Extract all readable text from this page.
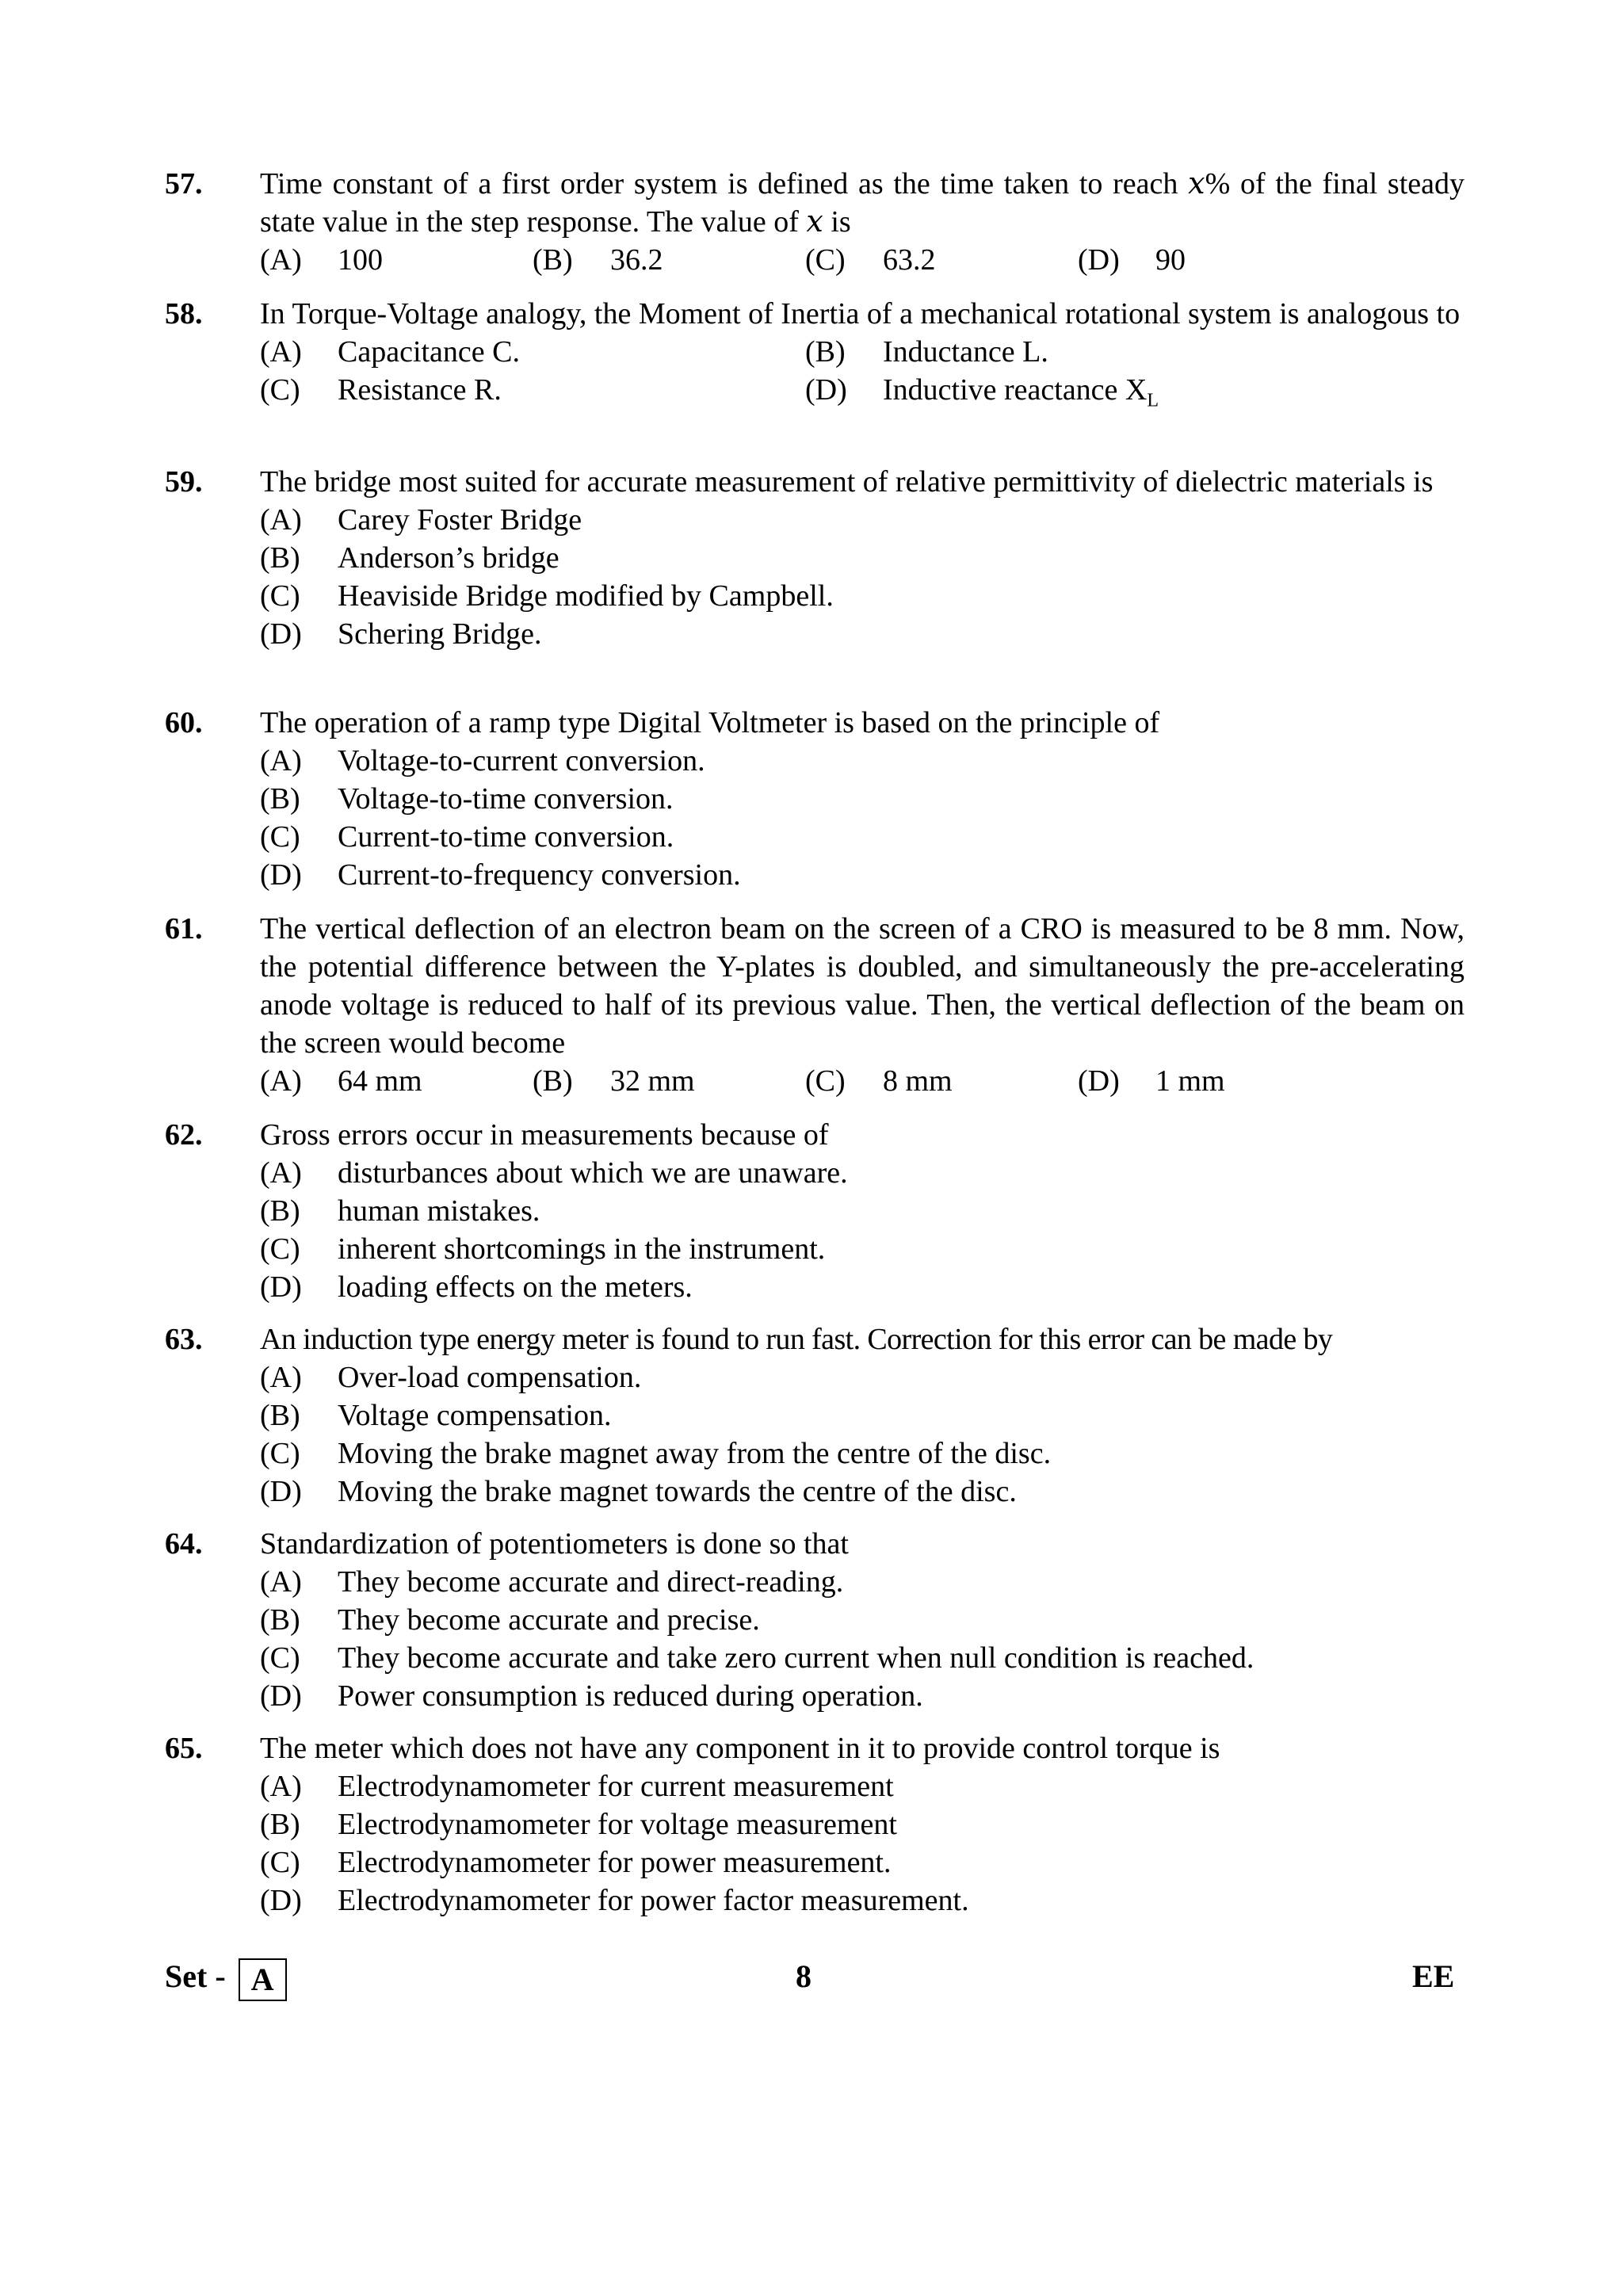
57. Time constant of a first order system is defined as the time taken to reach 𝑥% of the final steady state value in the step response. The value of 𝑥 is
(A) 100	(B) 36.2	(C) 63.2	(D) 90
58. In Torque-Voltage analogy, the Moment of Inertia of a mechanical rotational system is analogous to
(A) Capacitance C.	(B) Inductance L.
(C) Resistance R.	(D) Inductive reactance $X_L$
59. The bridge most suited for accurate measurement of relative permittivity of dielectric materials is
(A) Carey Foster Bridge
(B) Anderson’s bridge
(C) Heaviside Bridge modified by Campbell.
(D) Schering Bridge.
60. The operation of a ramp type Digital Voltmeter is based on the principle of
(A) Voltage-to-current conversion.
(B) Voltage-to-time conversion.
(C) Current-to-time conversion.
(D) Current-to-frequency conversion.
61. The vertical deflection of an electron beam on the screen of a CRO is measured to be 8 mm. Now, the potential difference between the Y-plates is doubled, and simultaneously the pre-accelerating anode voltage is reduced to half of its previous value. Then, the vertical deflection of the beam on the screen would become
(A) 64 mm	(B) 32 mm	(C) 8 mm	(D) 1 mm
62. Gross errors occur in measurements because of
(A) disturbances about which we are unaware.
(B) human mistakes.
(C) inherent shortcomings in the instrument.
(D) loading effects on the meters.
63. An induction type energy meter is found to run fast. Correction for this error can be made by
(A) Over-load compensation.
(B) Voltage compensation.
(C) Moving the brake magnet away from the centre of the disc.
(D) Moving the brake magnet towards the centre of the disc.
64. Standardization of potentiometers is done so that
(A) They become accurate and direct-reading.
(B) They become accurate and precise.
(C) They become accurate and take zero current when null condition is reached.
(D) Power consumption is reduced during operation.
65. The meter which does not have any component in it to provide control torque is
(A) Electrodynamometer for current measurement
(B) Electrodynamometer for voltage measurement
(C) Electrodynamometer for power measurement.
(D) Electrodynamometer for power factor measurement.
Set - A	8	EE
